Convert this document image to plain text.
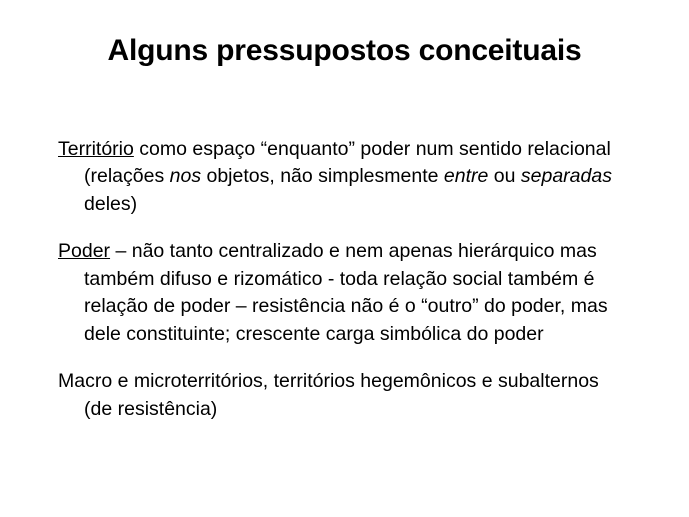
Alguns pressupostos conceituais

Território como espaço “enquanto” poder num sentido relacional (relações nos objetos, não simplesmente entre ou separadas deles)

Poder – não tanto centralizado e nem apenas hierárquico mas também difuso e rizomático - toda relação social também é relação de poder – resistência não é o “outro” do poder, mas dele constituinte; crescente carga simbólica do poder

Macro e microterritórios, territórios hegemônicos e subalternos (de resistência)
